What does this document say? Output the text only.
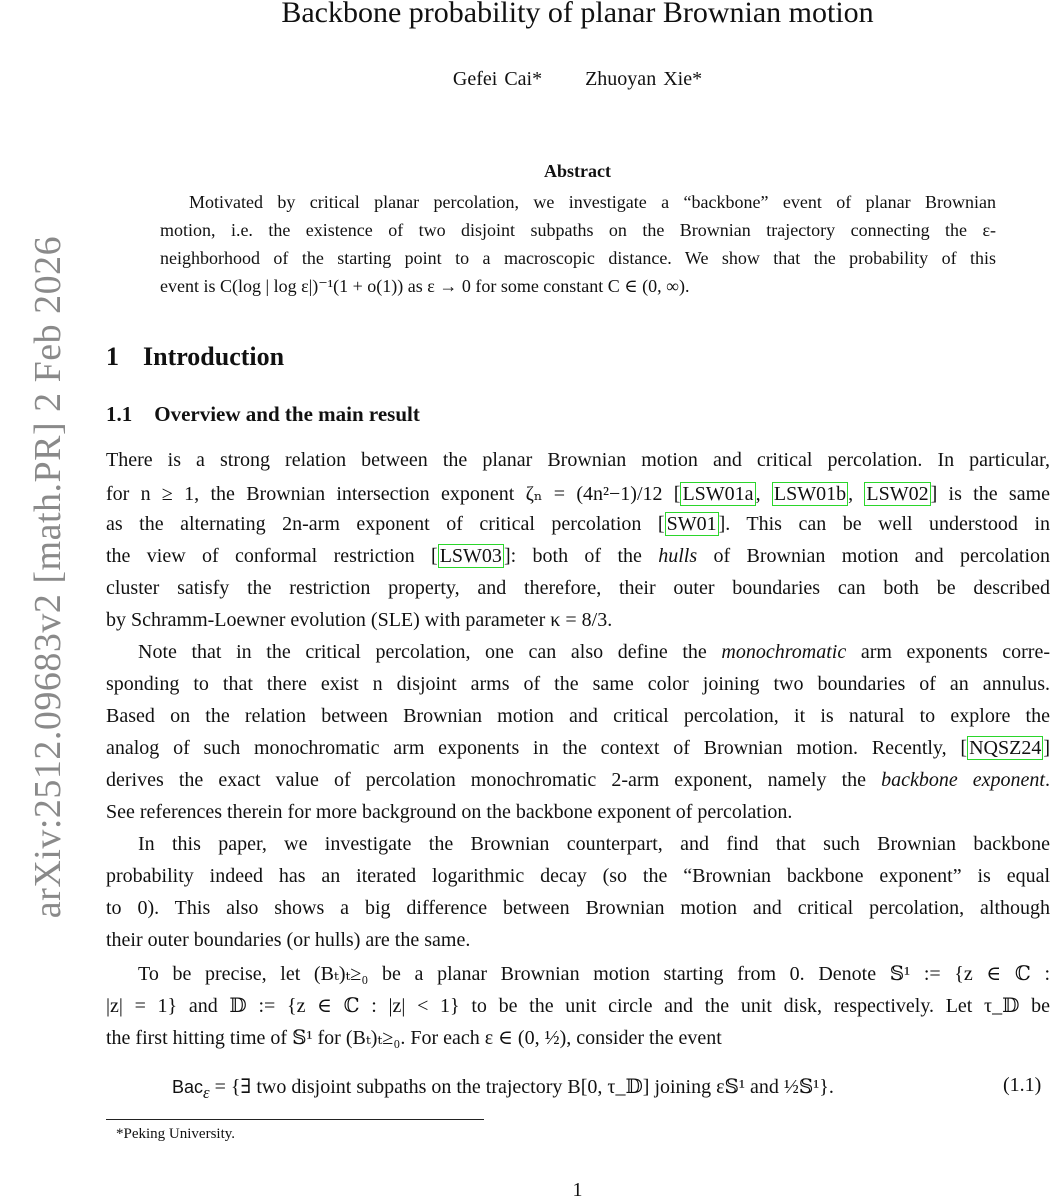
Backbone probability of planar Brownian motion
Gefei Cai* Zhuoyan Xie*
arXiv:2512.09683v2 [math.PR] 2 Feb 2026
Abstract
Motivated by critical planar percolation, we investigate a “backbone” event of planar Brownian
motion, i.e. the existence of two disjoint subpaths on the Brownian trajectory connecting the ε-
neighborhood of the starting point to a macroscopic distance. We show that the probability of this
event is C(log | log ε|)⁻¹(1 + o(1)) as ε → 0 for some constant C ∈ (0, ∞).
1 Introduction
1.1 Overview and the main result
There is a strong relation between the planar Brownian motion and critical percolation. In particular,
for n ≥ 1, the Brownian intersection exponent ζₙ = (4n²−1)/12 [ LSW01a , LSW01b , LSW02 ] is the same
as the alternating 2n-arm exponent of critical percolation [ SW01 ]. This can be well understood in
the view of conformal restriction [ LSW03 ]: both of the hulls of Brownian motion and percolation
cluster satisfy the restriction property, and therefore, their outer boundaries can both be described
by Schramm-Loewner evolution (SLE) with parameter κ = 8/3.
Note that in the critical percolation, one can also define the monochromatic arm exponents corre-
sponding to that there exist n disjoint arms of the same color joining two boundaries of an annulus.
Based on the relation between Brownian motion and critical percolation, it is natural to explore the
analog of such monochromatic arm exponents in the context of Brownian motion. Recently, [ NQSZ24 ]
derives the exact value of percolation monochromatic 2-arm exponent, namely the backbone exponent.
See references therein for more background on the backbone exponent of percolation.
In this paper, we investigate the Brownian counterpart, and find that such Brownian backbone
probability indeed has an iterated logarithmic decay (so the “Brownian backbone exponent” is equal
to 0). This also shows a big difference between Brownian motion and critical percolation, although
their outer boundaries (or hulls) are the same.
To be precise, let (Bₜ)ₜ≥₀ be a planar Brownian motion starting from 0. Denote 𝕊¹ := {z ∈ ℂ :
|z| = 1} and 𝔻 := {z ∈ ℂ : |z| < 1} to be the unit circle and the unit disk, respectively. Let τ_𝔻 be
the first hitting time of 𝕊¹ for (Bₜ)ₜ≥₀. For each ε ∈ (0, ½), consider the event
Bac$_\varepsilon$ = {∃ two disjoint subpaths on the trajectory B[0, τ_𝔻] joining ε𝕊¹ and ½𝕊¹}.	(1.1)
*Peking University.
1
